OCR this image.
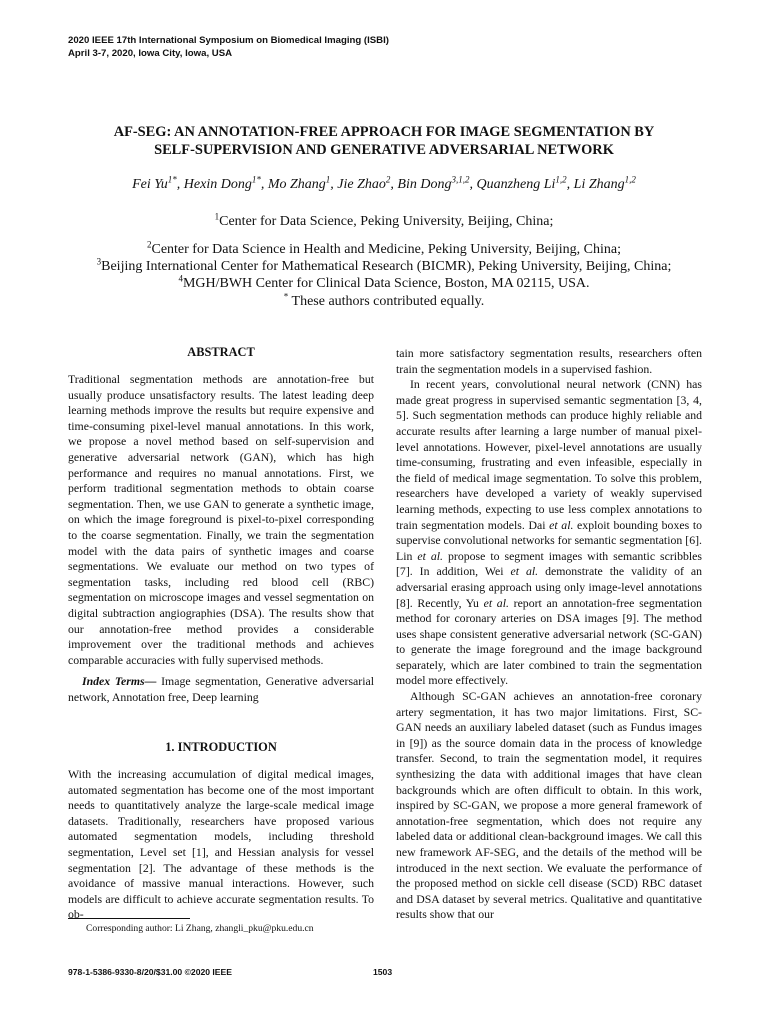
2020 IEEE 17th International Symposium on Biomedical Imaging (ISBI)
April 3-7, 2020, Iowa City, Iowa, USA
AF-SEG: AN ANNOTATION-FREE APPROACH FOR IMAGE SEGMENTATION BY
SELF-SUPERVISION AND GENERATIVE ADVERSARIAL NETWORK
Fei $Yu^{1*}$, Hexin Dong$^{1*}$, Mo Zhang$^1$, Jie Zhao$^2$, Bin Dong$^{3,1,2}$, Quanzheng Li$^{1,2}$, Li Zhang$^{1,2}$
$^1$Center for Data Science, Peking University, Beijing, China;
$^2$Center for Data Science in Health and Medicine, Peking University, Beijing, China;
$^3$Beijing International Center for Mathematical Research (BICMR), Peking University, Beijing, China;
$^4$MGH/BWH Center for Clinical Data Science, Boston, MA 02115, USA.
* These authors contributed equally.
ABSTRACT

Traditional segmentation methods are annotation-free but usually produce unsatisfactory results. The latest leading deep learning methods improve the results but require expensive and time-consuming pixel-level manual annotations. In this work, we propose a novel method based on self-supervision and generative adversarial network (GAN), which has high performance and requires no manual annotations. First, we perform traditional segmentation methods to obtain coarse segmentation. Then, we use GAN to generate a synthetic image, on which the image foreground is pixel-to-pixel corresponding to the coarse segmentation. Finally, we train the segmentation model with the data pairs of synthetic images and coarse segmentations. We evaluate our method on two types of segmentation tasks, including red blood cell (RBC) segmentation on microscope images and vessel segmentation on digital subtraction angiographies (DSA). The results show that our annotation-free method provides a considerable improvement over the traditional methods and achieves comparable accuracies with fully supervised methods.

Index Terms— Image segmentation, Generative adversarial network, Annotation free, Deep learning

1. INTRODUCTION

With the increasing accumulation of digital medical images, automated segmentation has become one of the most important needs to quantitatively analyze the large-scale medical image datasets. Traditionally, researchers have proposed various automated segmentation models, including threshold segmentation, Level set [1], and Hessian analysis for vessel segmentation [2]. The advantage of these methods is the avoidance of massive manual interactions. However, such models are difficult to achieve accurate segmentation results. To ob-

tain more satisfactory segmentation results, researchers often train the segmentation models in a supervised fashion.

In recent years, convolutional neural network (CNN) has made great progress in supervised semantic segmentation [3, 4, 5]. Such segmentation methods can produce highly reliable and accurate results after learning a large number of manual pixel-level annotations. However, pixel-level annotations are usually time-consuming, frustrating and even infeasible, especially in the field of medical image segmentation. To solve this problem, researchers have developed a variety of weakly supervised learning methods, expecting to use less complex annotations to train segmentation models. Dai et al. exploit bounding boxes to supervise convolutional networks for semantic segmentation [6]. Lin et al. propose to segment images with semantic scribbles [7]. In addition, Wei et al. demonstrate the validity of an adversarial erasing approach using only image-level annotations [8]. Recently, Yu et al. report an annotation-free segmentation method for coronary arteries on DSA images [9]. The method uses shape consistent generative adversarial network (SC-GAN) to generate the image foreground and the image background separately, which are later combined to train the segmentation model more effectively.

Although SC-GAN achieves an annotation-free coronary artery segmentation, it has two major limitations. First, SC-GAN needs an auxiliary labeled dataset (such as Fundus images in [9]) as the source domain data in the process of knowledge transfer. Second, to train the segmentation model, it requires synthesizing the data with additional images that have clean backgrounds which are often difficult to obtain. In this work, inspired by SC-GAN, we propose a more general framework of annotation-free segmentation, which does not require any labeled data or additional clean-background images. We call this new framework AF-SEG, and the details of the method will be introduced in the next section. We evaluate the performance of the proposed method on sickle cell disease (SCD) RBC dataset and DSA dataset by several metrics. Qualitative and quantitative results show that our

Corresponding author: Li Zhang, zhangli_pku@pku.edu.cn
978-1-5386-9330-8/20/$31.00 ©2020 IEEE	1503
